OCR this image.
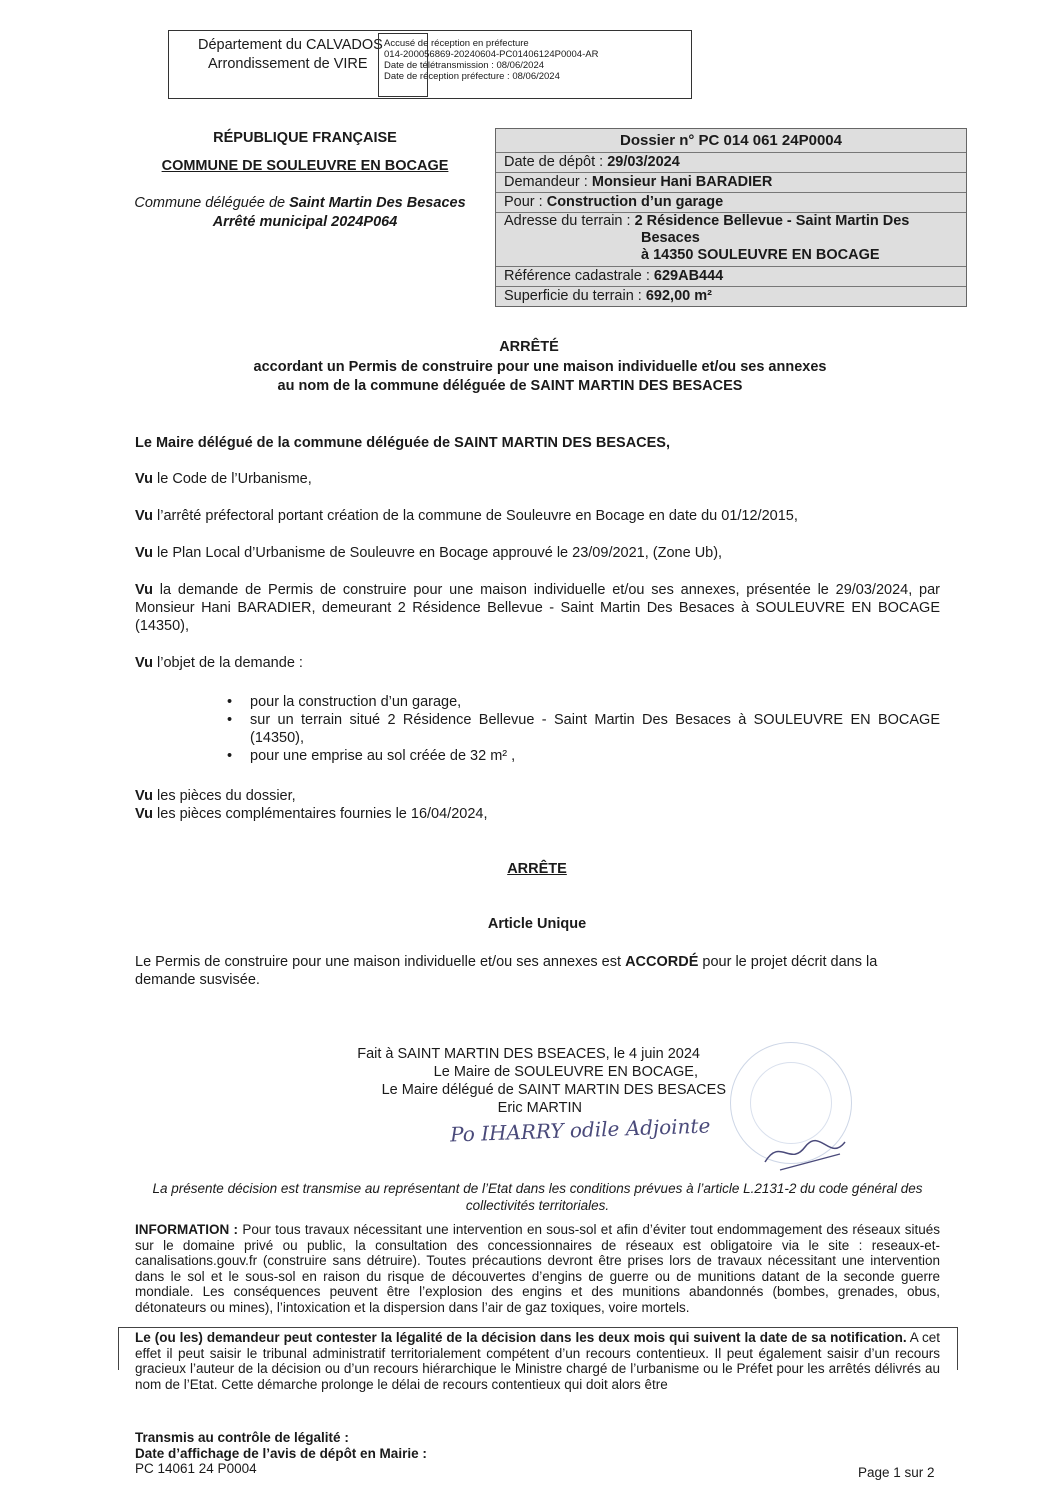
Département du CALVADOS
Arrondissement de VIRE
Accusé de réception en préfecture
014-200056869-20240604-PC01406124P0004-AR
Date de télétransmission : 08/06/2024
Date de réception préfecture : 08/06/2024
RÉPUBLIQUE FRANÇAISE
COMMUNE DE SOULEUVRE EN BOCAGE
Commune déléguée de Saint Martin Des Besaces
Arrêté municipal 2024P064
Dossier n° PC 014 061 24P0004
Date de dépôt : 29/03/2024
Demandeur : Monsieur Hani BARADIER
Pour : Construction d’un garage
Adresse du terrain : 2 Résidence Bellevue - Saint Martin Des
Besaces
à 14350 SOULEUVRE EN BOCAGE
Référence cadastrale : 629AB444
Superficie du terrain : 692,00 m²
ARRÊTÉ
accordant un Permis de construire pour une maison individuelle et/ou ses annexes
au nom de la commune déléguée de SAINT MARTIN DES BESACES
Le Maire délégué de la commune déléguée de SAINT MARTIN DES BESACES,
Vu le Code de l’Urbanisme,
Vu l’arrêté préfectoral portant création de la commune de Souleuvre en Bocage en date du 01/12/2015,
Vu le Plan Local d’Urbanisme de Souleuvre en Bocage approuvé le 23/09/2021, (Zone Ub),
Vu la demande de Permis de construire pour une maison individuelle et/ou ses annexes, présentée le 29/03/2024, par Monsieur Hani BARADIER, demeurant 2 Résidence Bellevue - Saint Martin Des Besaces à SOULEUVRE EN BOCAGE (14350),
Vu l’objet de la demande :
• pour la construction d’un garage,
• sur un terrain situé 2 Résidence Bellevue - Saint Martin Des Besaces à SOULEUVRE EN BOCAGE (14350),
• pour une emprise au sol créée de 32 m² ,
Vu les pièces du dossier,
Vu les pièces complémentaires fournies le 16/04/2024,
ARRÊTE
Article Unique
Le Permis de construire pour une maison individuelle et/ou ses annexes est ACCORDÉ pour le projet décrit dans la demande susvisée.
Fait à SAINT MARTIN DES BSEACES, le 4 juin 2024
Le Maire de SOULEUVRE EN BOCAGE,
Le Maire délégué de SAINT MARTIN DES BESACES
Eric MARTIN
Po IHARRY odile Adjointe
La présente décision est transmise au représentant de l’Etat dans les conditions prévues à l’article L.2131-2 du code général des collectivités territoriales.
INFORMATION : Pour tous travaux nécessitant une intervention en sous-sol et afin d’éviter tout endommagement des réseaux situés sur le domaine privé ou public, la consultation des concessionnaires de réseaux est obligatoire via le site : reseaux-et-canalisations.gouv.fr (construire sans détruire). Toutes précautions devront être prises lors de travaux nécessitant une intervention dans le sol et le sous-sol en raison du risque de découvertes d’engins de guerre ou de munitions datant de la seconde guerre mondiale. Les conséquences peuvent être l’explosion des engins et des munitions abandonnés (bombes, grenades, obus, détonateurs ou mines), l’intoxication et la dispersion dans l’air de gaz toxiques, voire mortels.
Le (ou les) demandeur peut contester la légalité de la décision dans les deux mois qui suivent la date de sa notification. A cet effet il peut saisir le tribunal administratif territorialement compétent d’un recours contentieux. Il peut également saisir d’un recours gracieux l’auteur de la décision ou d’un recours hiérarchique le Ministre chargé de l’urbanisme ou le Préfet pour les arrêtés délivrés au nom de l’Etat. Cette démarche prolonge le délai de recours contentieux qui doit alors être
Transmis au contrôle de légalité :
Date d’affichage de l’avis de dépôt en Mairie :
PC 14061 24 P0004	Page 1 sur 2
